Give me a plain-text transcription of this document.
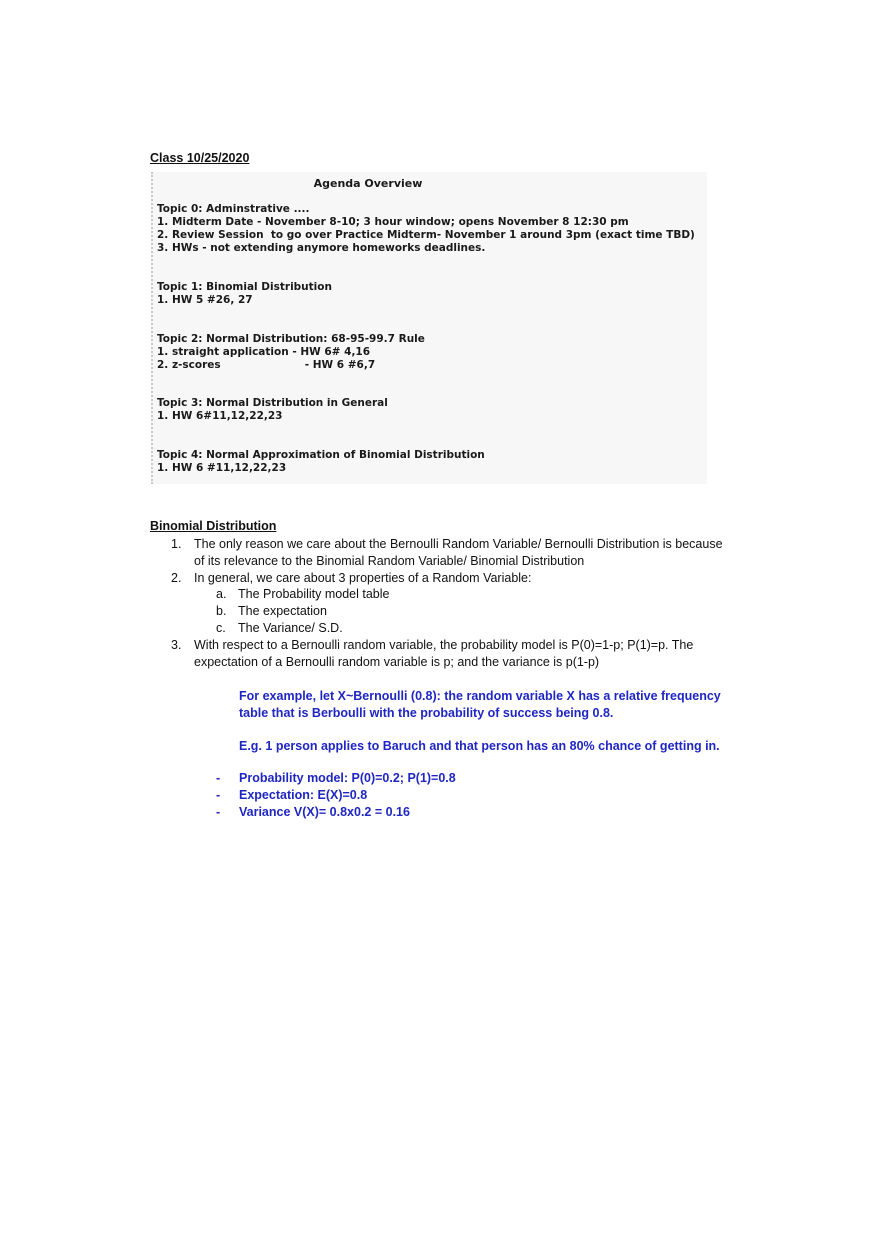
Class 10/25/2020
Agenda Overview
Topic 0: Adminstrative ....
1. Midterm Date - November 8-10; 3 hour window; opens November 8 12:30 pm
2. Review Session  to go over Practice Midterm- November 1 around 3pm (exact time TBD)
3. HWs - not extending anymore homeworks deadlines.
Topic 1: Binomial Distribution
1. HW 5 #26, 27
Topic 2: Normal Distribution: 68-95-99.7 Rule
1. straight application - HW 6# 4,16
2. z-scores                       - HW 6 #6,7
Topic 3: Normal Distribution in General
1. HW 6#11,12,22,23
Topic 4: Normal Approximation of Binomial Distribution
1. HW 6 #11,12,22,23
Binomial Distribution
1. The only reason we care about the Bernoulli Random Variable/ Bernoulli Distribution is because of its relevance to the Binomial Random Variable/ Binomial Distribution
2. In general, we care about 3 properties of a Random Variable:
a. The Probability model table
b. The expectation
c. The Variance/ S.D.
3. With respect to a Bernoulli random variable, the probability model is P(0)=1-p; P(1)=p. The expectation of a Bernoulli random variable is p; and the variance is p(1-p)
For example, let X~Bernoulli (0.8): the random variable X has a relative frequency table that is Berboulli with the probability of success being 0.8.
E.g. 1 person applies to Baruch and that person has an 80% chance of getting in.
- Probability model: P(0)=0.2; P(1)=0.8
- Expectation: E(X)=0.8
- Variance V(X)= 0.8x0.2 = 0.16
